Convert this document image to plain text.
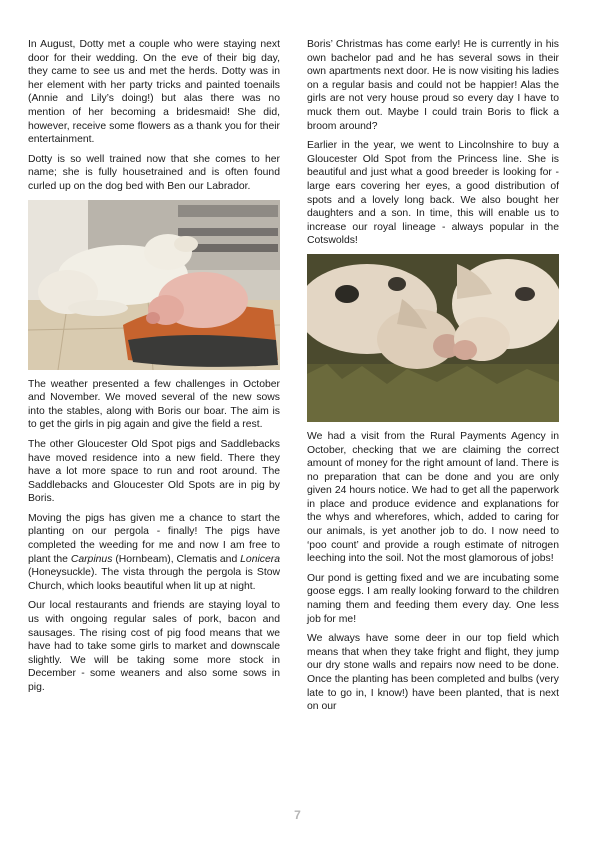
In August, Dotty met a couple who were staying next door for their wedding. On the eve of their big day, they came to see us and met the herds. Dotty was in her element with her party tricks and painted toenails (Annie and Lily’s doing!) but alas there was no mention of her becoming a bridesmaid! She did, however, receive some flowers as a thank you for their entertainment.

Dotty is so well trained now that she comes to her name; she is fully housetrained and is often found curled up on the dog bed with Ben our Labrador.

The weather presented a few challenges in October and November. We moved several of the new sows into the stables, along with Boris our boar. The aim is to get the girls in pig again and give the field a rest.

The other Gloucester Old Spot pigs and Saddlebacks have moved residence into a new field. There they have a lot more space to run and root around. The Saddlebacks and Gloucester Old Spots are in pig by Boris.

Moving the pigs has given me a chance to start the planting on our pergola - finally! The pigs have completed the weeding for me and now I am free to plant the Carpinus (Hornbeam), Clematis and Lonicera (Honeysuckle). The vista through the pergola is Stow Church, which looks beautiful when lit up at night.

Our local restaurants and friends are staying loyal to us with ongoing regular sales of pork, bacon and sausages. The rising cost of pig food means that we have had to take some girls to market and downscale slightly. We will be taking some more stock in December - some weaners and also some sows in pig.

Boris’ Christmas has come early! He is currently in his own bachelor pad and he has several sows in their own apartments next door. He is now visiting his ladies on a regular basis and could not be happier! Alas the girls are not very house proud so every day I have to muck them out. Maybe I could train Boris to flick a broom around?

Earlier in the year, we went to Lincolnshire to buy a Gloucester Old Spot from the Princess line. She is beautiful and just what a good breeder is looking for - large ears covering her eyes, a good distribution of spots and a lovely long back. We also bought her daughters and a son. In time, this will enable us to increase our royal lineage - always popular in the Cotswolds!

We had a visit from the Rural Payments Agency in October, checking that we are claiming the correct amount of money for the right amount of land. There is no preparation that can be done and you are only given 24 hours notice. We had to get all the paperwork in place and produce evidence and explanations for the whys and wherefores, which, added to caring for our animals, is yet another job to do. I now need to ‘poo count’ and provide a rough estimate of nitrogen leeching into the soil. Not the most glamorous of jobs!

Our pond is getting fixed and we are incubating some goose eggs. I am really looking forward to the children naming them and feeding them every day. One less job for me!

We always have some deer in our top field which means that when they take fright and flight, they jump our dry stone walls and repairs now need to be done. Once the planting has been completed and bulbs (very late to go in, I know!) have been planted, that is next on our

7
